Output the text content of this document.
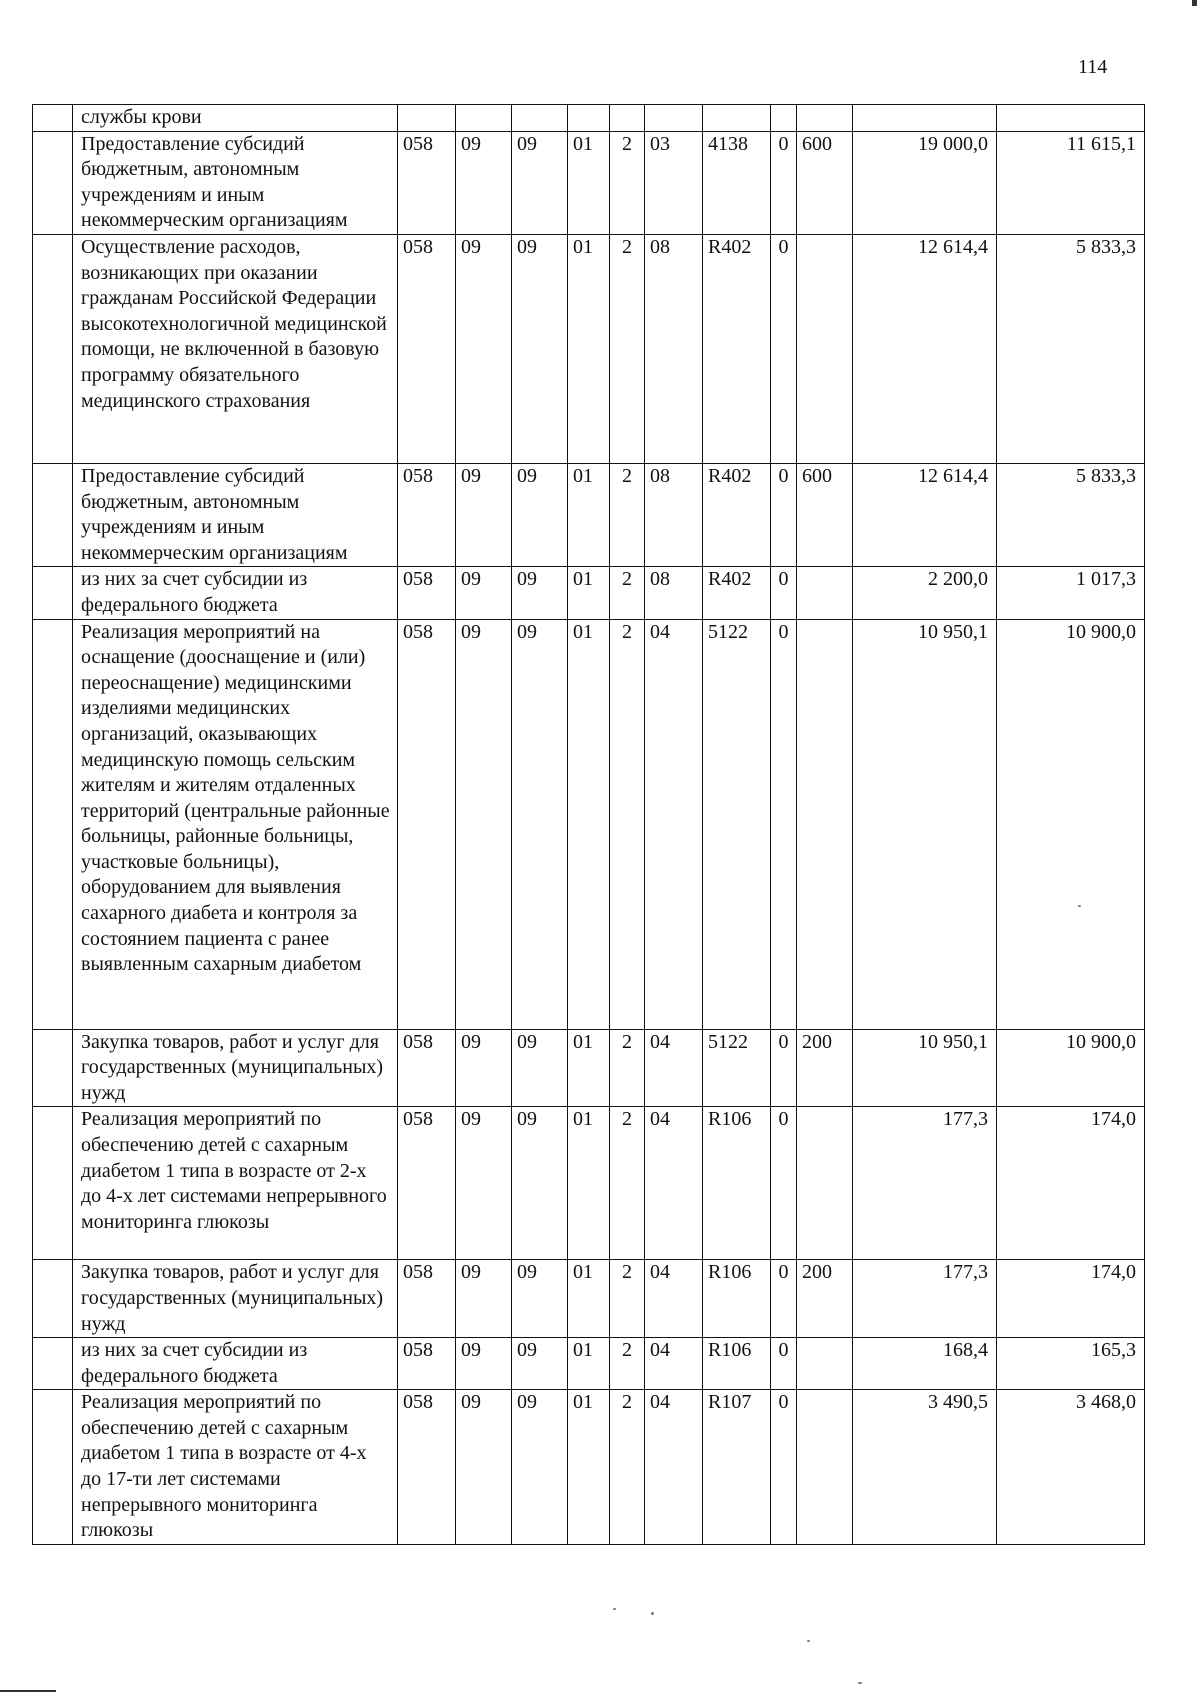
114
	службы крови											
	Предоставление субсидий бюджетным, автономным учреждениям и иным некоммерческим организациям	058	09	09	01	2	03	4138	0	600	19 000,0	11 615,1
	Осуществление расходов, возникающих при оказании гражданам Российской Федерации высокотехнологичной медицинской помощи, не включенной в базовую программу обязательного медицинского страхования	058	09	09	01	2	08	R402	0		12 614,4	5 833,3
	Предоставление субсидий бюджетным, автономным учреждениям и иным некоммерческим организациям	058	09	09	01	2	08	R402	0	600	12 614,4	5 833,3
	из них за счет субсидии из федерального бюджета	058	09	09	01	2	08	R402	0		2 200,0	1 017,3
	Реализация мероприятий на оснащение (дооснащение и (или) переоснащение) медицинскими изделиями медицинских организаций, оказывающих медицинскую помощь сельским жителям и жителям отдаленных территорий (центральные районные больницы, районные больницы, участковые больницы), оборудованием для выявления сахарного диабета и контроля за состоянием пациента с ранее выявленным сахарным диабетом	058	09	09	01	2	04	5122	0		10 950,1	10 900,0
	Закупка товаров, работ и услуг для государственных (муниципальных) нужд	058	09	09	01	2	04	5122	0	200	10 950,1	10 900,0
	Реализация мероприятий по обеспечению детей с сахарным диабетом 1 типа в возрасте от 2-х до 4-х лет системами непрерывного мониторинга глюкозы	058	09	09	01	2	04	R106	0		177,3	174,0
	Закупка товаров, работ и услуг для государственных (муниципальных) нужд	058	09	09	01	2	04	R106	0	200	177,3	174,0
	из них за счет субсидии из федерального бюджета	058	09	09	01	2	04	R106	0		168,4	165,3
	Реализация мероприятий по обеспечению детей с сахарным диабетом 1 типа в возрасте от 4-х до 17-ти лет системами непрерывного мониторинга глюкозы	058	09	09	01	2	04	R107	0		3 490,5	3 468,0
